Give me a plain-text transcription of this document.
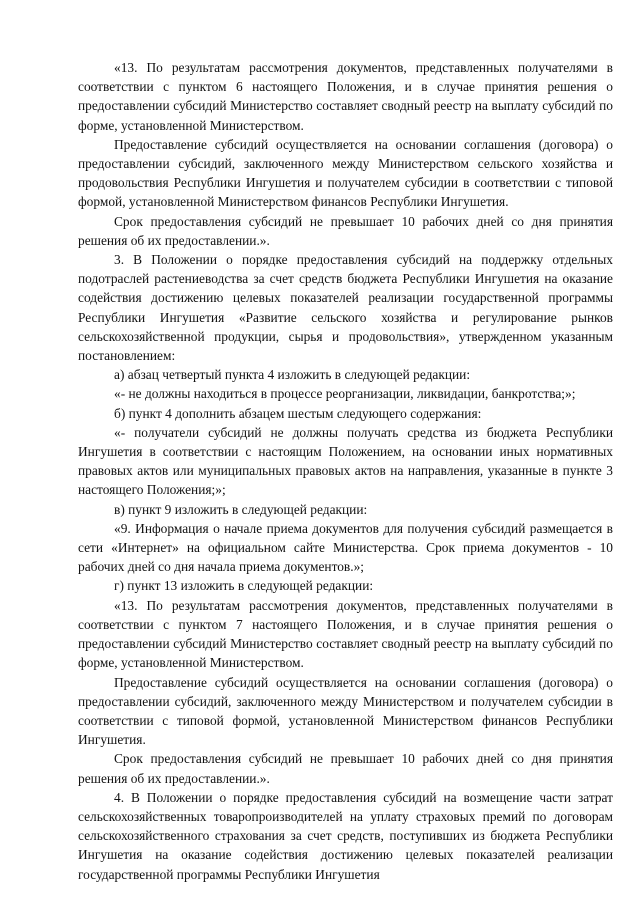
«13. По результатам рассмотрения документов, представленных получателями в соответствии с пунктом 6 настоящего Положения, и в случае принятия решения о предоставлении субсидий Министерство составляет сводный реестр на выплату субсидий по форме, установленной Министерством.

Предоставление субсидий осуществляется на основании соглашения (договора) о предоставлении субсидий, заключенного между Министерством сельского хозяйства и продовольствия Республики Ингушетия и получателем субсидии в соответствии с типовой формой, установленной Министерством финансов Республики Ингушетия.

Срок предоставления субсидий не превышает 10 рабочих дней со дня принятия решения об их предоставлении.».

3. В Положении о порядке предоставления субсидий на поддержку отдельных подотраслей растениеводства за счет средств бюджета Республики Ингушетия на оказание содействия достижению целевых показателей реализации государственной программы Республики Ингушетия «Развитие сельского хозяйства и регулирование рынков сельскохозяйственной продукции, сырья и продовольствия», утвержденном указанным постановлением:

а) абзац четвертый пункта 4 изложить в следующей редакции:

«- не должны находиться в процессе реорганизации, ликвидации, банкротства;»;

б) пункт 4 дополнить абзацем шестым следующего содержания:

«- получатели субсидий не должны получать средства из бюджета Республики Ингушетия в соответствии с настоящим Положением, на основании иных нормативных правовых актов или муниципальных правовых актов на направления, указанные в пункте 3 настоящего Положения;»;

в) пункт 9 изложить в следующей редакции:

«9. Информация о начале приема документов для получения субсидий размещается в сети «Интернет» на официальном сайте Министерства. Срок приема документов - 10 рабочих дней со дня начала приема документов.»;

г) пункт 13 изложить в следующей редакции:

«13. По результатам рассмотрения документов, представленных получателями в соответствии с пунктом 7 настоящего Положения, и в случае принятия решения о предоставлении субсидий Министерство составляет сводный реестр на выплату субсидий по форме, установленной Министерством.

Предоставление субсидий осуществляется на основании соглашения (договора) о предоставлении субсидий, заключенного между Министерством и получателем субсидии в соответствии с типовой формой, установленной Министерством финансов Республики Ингушетия.

Срок предоставления субсидий не превышает 10 рабочих дней со дня принятия решения об их предоставлении.».

4. В Положении о порядке предоставления субсидий на возмещение части затрат сельскохозяйственных товаропроизводителей на уплату страховых премий по договорам сельскохозяйственного страхования за счет средств, поступивших из бюджета Республики Ингушетия на оказание содействия достижению целевых показателей реализации государственной программы Республики Ингушетия
